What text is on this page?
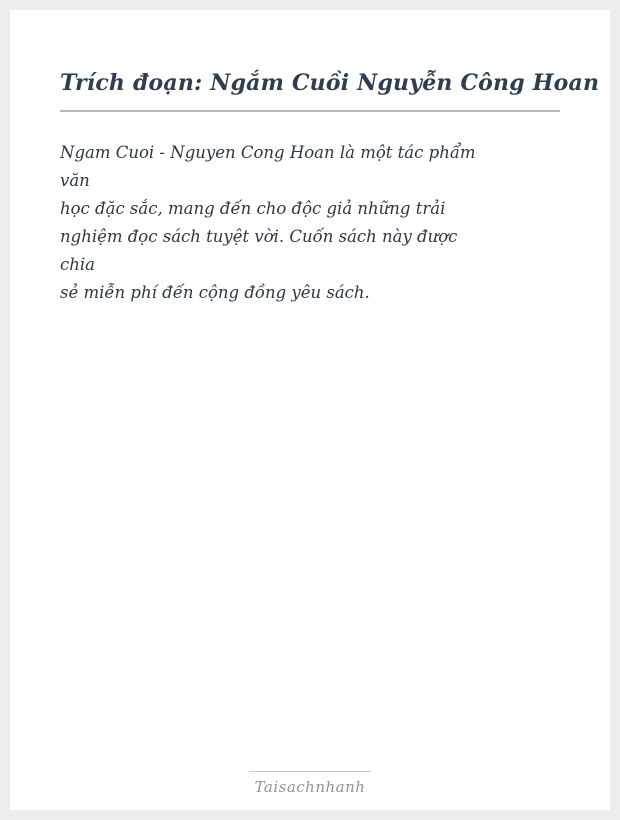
Trích đoạn: Ngắm Cuồi Nguyễn Công Hoan
Ngam Cuoi - Nguyen Cong Hoan là một tác phẩm
văn
học đặc sắc, mang đến cho độc giả những trải
nghiệm đọc sách tuyệt vời. Cuốn sách này được
chia
sẻ miễn phí đến cộng đồng yêu sách.
Taisachnhanh
